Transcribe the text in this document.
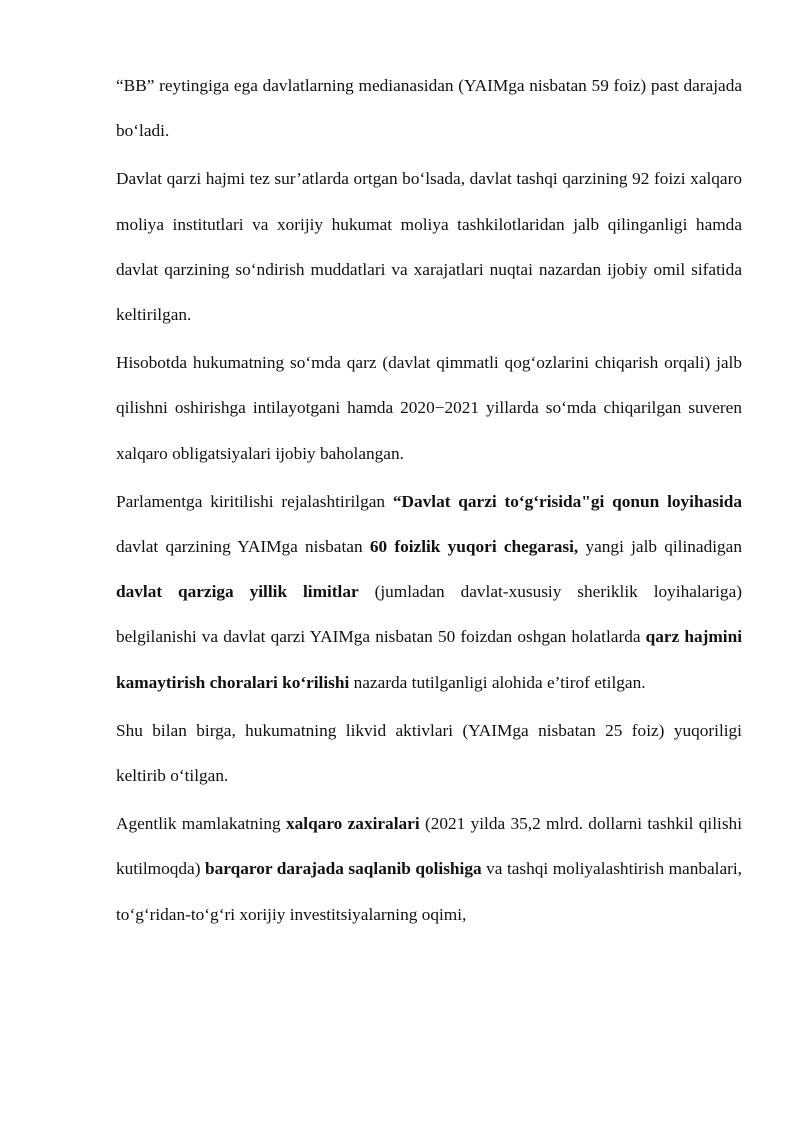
“BB” reytingiga ega davlatlarning medianasidan (YAIMga nisbatan 59 foiz) past darajada bo‘ladi.

Davlat qarzi hajmi tez sur’atlarda ortgan bo‘lsada, davlat tashqi qarzining 92 foizi xalqaro moliya institutlari va xorijiy hukumat moliya tashkilotlaridan jalb qilinganligi hamda davlat qarzining so‘ndirish muddatlari va xarajatlari nuqtai nazardan ijobiy omil sifatida keltirilgan.

Hisobotda hukumatning so‘mda qarz (davlat qimmatli qog‘ozlarini chiqarish orqali) jalb qilishni oshirishga intilayotgani hamda 2020−2021 yillarda so‘mda chiqarilgan suveren xalqaro obligatsiyalari ijobiy baholangan.

Parlamentga kiritilishi rejalashtirilgan “Davlat qarzi to‘g‘risida"gi qonun loyihasida davlat qarzining YAIMga nisbatan 60 foizlik yuqori chegarasi, yangi jalb qilinadigan davlat qarziga yillik limitlar (jumladan davlat-xususiy sheriklik loyihalariga) belgilanishi va davlat qarzi YAIMga nisbatan 50 foizdan oshgan holatlarda qarz hajmini kamaytirish choralari ko‘rilishi nazarda tutilganligi alohida e’tirof etilgan.

Shu bilan birga, hukumatning likvid aktivlari (YAIMga nisbatan 25 foiz) yuqoriligi keltirib o‘tilgan.

Agentlik mamlakatning xalqaro zaxiralari (2021 yilda 35,2 mlrd. dollarni tashkil qilishi kutilmoqda) barqaror darajada saqlanib qolishiga va tashqi moliyalashtirish manbalari, to‘g‘ridan-to‘g‘ri xorijiy investitsiyalarning oqimi,
